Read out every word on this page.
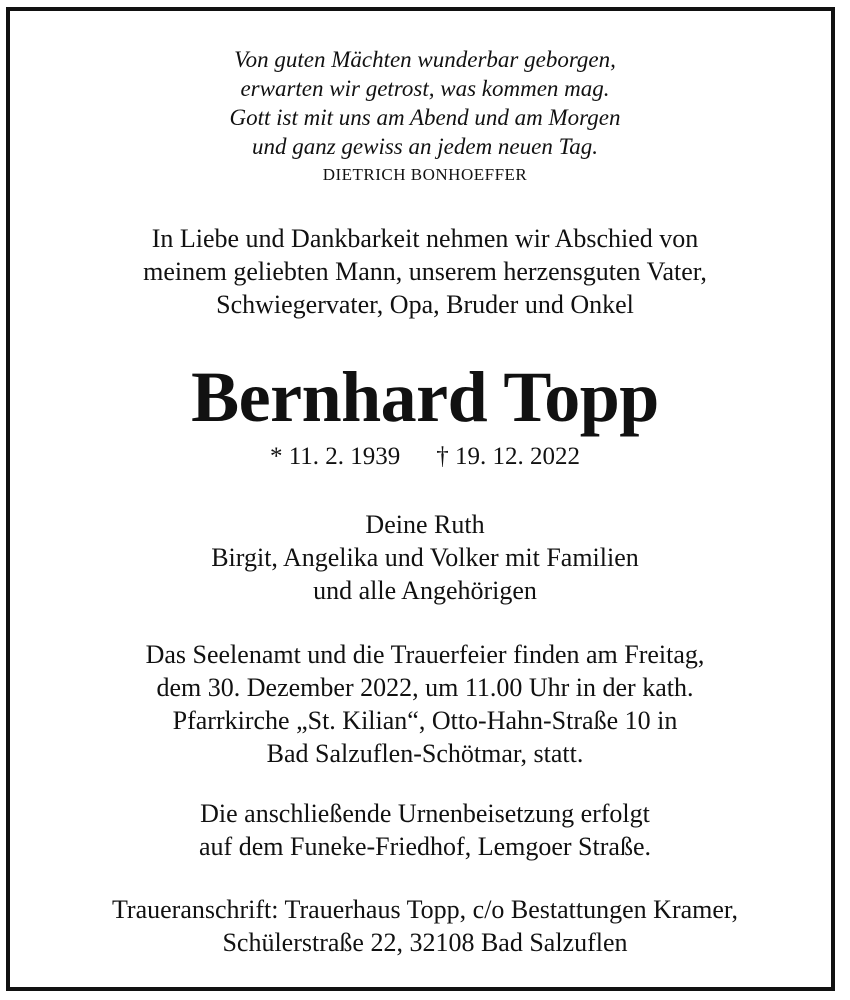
Von guten Mächten wunderbar geborgen,
erwarten wir getrost, was kommen mag.
Gott ist mit uns am Abend und am Morgen
und ganz gewiss an jedem neuen Tag.
DIETRICH BONHOEFFER
In Liebe und Dankbarkeit nehmen wir Abschied von
meinem geliebten Mann, unserem herzensguten Vater,
Schwiegervater, Opa, Bruder und Onkel
Bernhard Topp
* 11. 2. 1939 † 19. 12. 2022
Deine Ruth
Birgit, Angelika und Volker mit Familien
und alle Angehörigen
Das Seelenamt und die Trauerfeier finden am Freitag,
dem 30. Dezember 2022, um 11.00 Uhr in der kath.
Pfarrkirche „St. Kilian“, Otto-Hahn-Straße 10 in
Bad Salzuflen-Schötmar, statt.
Die anschließende Urnenbeisetzung erfolgt
auf dem Funeke-Friedhof, Lemgoer Straße.
Traueranschrift: Trauerhaus Topp, c/o Bestattungen Kramer,
Schülerstraße 22, 32108 Bad Salzuflen
